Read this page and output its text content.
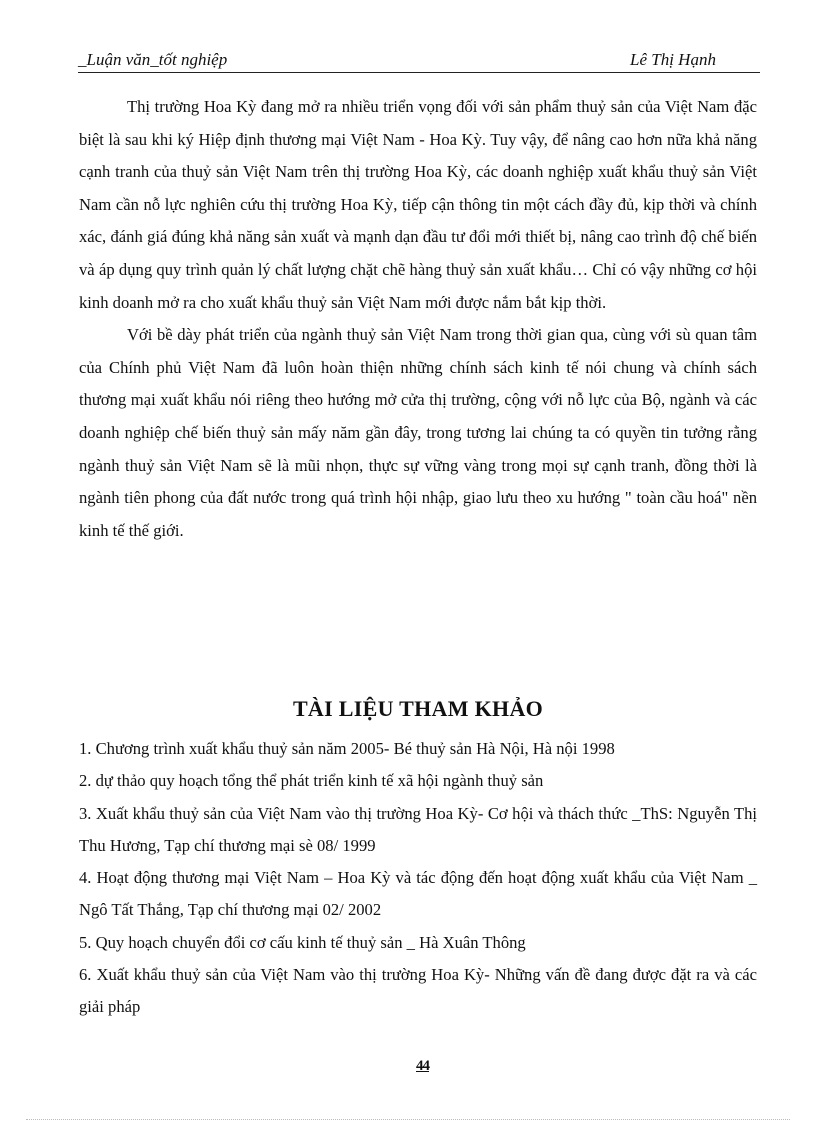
_Luận văn_tốt nghiệp	Lê Thị Hạnh

Thị trường Hoa Kỳ đang mở ra nhiều triển vọng đối với sản phẩm thuỷ sản của Việt Nam đặc biệt là sau khi ký Hiệp định thương mại Việt Nam - Hoa Kỳ. Tuy vậy, để nâng cao hơn nữa khả năng cạnh tranh của thuỷ sản Việt Nam trên thị trường Hoa Kỳ, các doanh nghiệp xuất khẩu thuỷ sản Việt Nam cần nỗ lực nghiên cứu thị trường Hoa Kỳ, tiếp cận thông tin một cách đầy đủ, kịp thời và chính xác, đánh giá đúng khả năng sản xuất và mạnh dạn đầu tư đổi mới thiết bị, nâng cao trình độ chế biến và áp dụng quy trình quản lý chất lượng chặt chẽ hàng thuỷ sản xuất khẩu… Chỉ có vậy những cơ hội kinh doanh mở ra cho xuất khẩu thuỷ sản Việt Nam mới được nắm bắt kịp thời.

Với bề dày phát triển của ngành thuỷ sản Việt Nam trong thời gian qua, cùng với sù quan tâm của Chính phủ Việt Nam đã luôn hoàn thiện những chính sách kinh tế nói chung và chính sách thương mại xuất khẩu nói riêng theo hướng mở cửa thị trường, cộng với nỗ lực của Bộ, ngành và các doanh nghiệp chế biến thuỷ sản mấy năm gần đây, trong tương lai chúng ta có quyền tin tưởng rằng ngành thuỷ sản Việt Nam sẽ là mũi nhọn, thực sự vững vàng trong mọi sự cạnh tranh, đồng thời là ngành tiên phong của đất nước trong quá trình hội nhập, giao lưu theo xu hướng " toàn cầu hoá" nền kinh tế thế giới.

TÀI LIỆU THAM KHẢO
1. Chương trình xuất khẩu thuỷ sản năm 2005- Bé thuỷ sản Hà Nội, Hà nội 1998
2. dự thảo quy hoạch tổng thể phát triển kinh tế xã hội ngành thuỷ sản
3. Xuất khẩu thuỷ sản của Việt Nam vào thị trường Hoa Kỳ- Cơ hội và thách thức _ThS: Nguyễn Thị Thu Hương, Tạp chí thương mại sè 08/ 1999
4. Hoạt động thương mại Việt Nam – Hoa Kỳ và tác động đến hoạt động xuất khẩu của Việt Nam _ Ngô Tất Thắng, Tạp chí thương mại 02/ 2002
5. Quy hoạch chuyển đổi cơ cấu kinh tế thuỷ sản _ Hà Xuân Thông
6. Xuất khẩu thuỷ sản của Việt Nam vào thị trường Hoa Kỳ- Những vấn đề đang được đặt ra và các giải pháp
44
